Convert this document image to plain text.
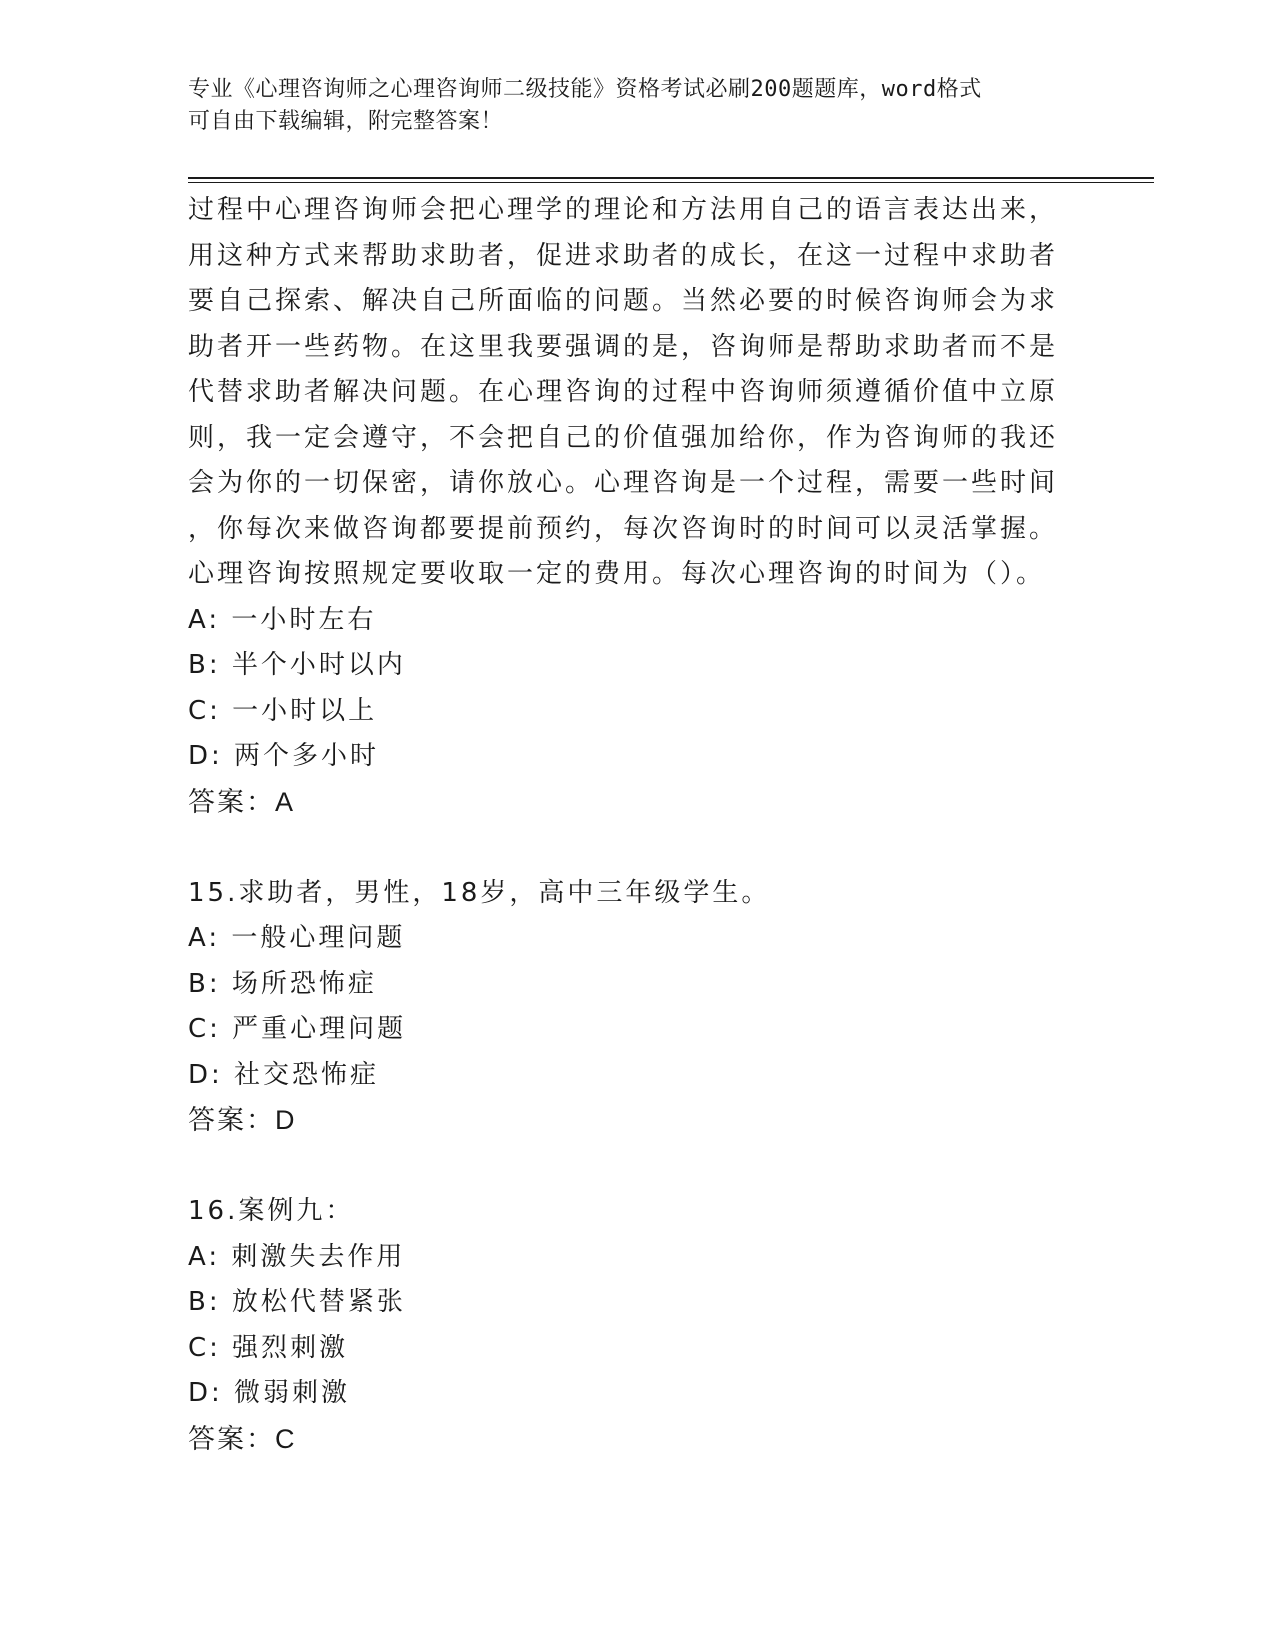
专业《心理咨询师之心理咨询师二级技能》资格考试必刷200题题库，word格式
可自由下载编辑，附完整答案！
过程中心理咨询师会把心理学的理论和方法用自己的语言表达出来，
用这种方式来帮助求助者，促进求助者的成长，在这一过程中求助者
要自己探索、解决自己所面临的问题。当然必要的时候咨询师会为求
助者开一些药物。在这里我要强调的是，咨询师是帮助求助者而不是
代替求助者解决问题。在心理咨询的过程中咨询师须遵循价值中立原
则，我一定会遵守，不会把自己的价值强加给你，作为咨询师的我还
会为你的一切保密，请你放心。心理咨询是一个过程，需要一些时间
，你每次来做咨询都要提前预约，每次咨询时的时间可以灵活掌握。
心理咨询按照规定要收取一定的费用。每次心理咨询的时间为（）。
A: 一小时左右
B: 半个小时以内
C: 一小时以上
D: 两个多小时
答案：A
15.求助者，男性，18岁，高中三年级学生。
A: 一般心理问题
B: 场所恐怖症
C: 严重心理问题
D: 社交恐怖症
答案：D
16.案例九：
A: 刺激失去作用
B: 放松代替紧张
C: 强烈刺激
D: 微弱刺激
答案：C
